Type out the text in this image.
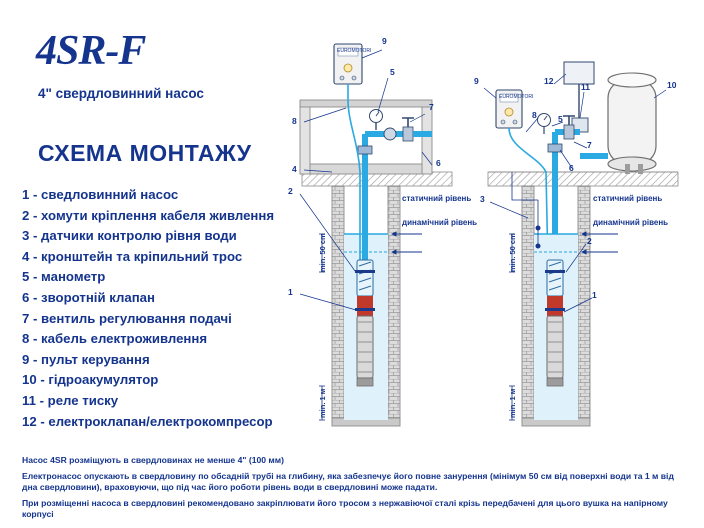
4SR-F
4" свердловинний насос
СХЕМА МОНТАЖУ
1 - сведловинний насос
2 - хомути кріплення кабеля живлення
3 - датчики контролю рівня води
4 - кронштейн та кріпильний трос
5 - манометр
6 - зворотній клапан
7 - вентиль регулювання подачі
8 - кабель електроживлення
9 - пульт керування
10 - гідроакумулятор
11 - реле тиску
12 - електроклапан/електрокомпресор
Насос 4SR розміщують в свердловинах не менше 4" (100 мм)
Електронасос опускають в свердловину по обсадній трубі на глибину, яка забезпечує його повне занурення (мінімум 50 см від поверхні води та 1 м від дна свердловини), враховуючи, що під час його роботи рівень води в свердловині може падати.
При розміщенні насоса в свердловині рекомендовано закріплювати його тросом з нержавіючої сталі крізь передбачені для цього вушка на напірному корпусі
9
5
7
8
4
6
2
1
статичний рівень
динамічний рівень
min. 50 cm
min. 1 м
EUROMOTORI
9	12
11	10
8	5
7
6
3
2
1
статичний рівень
динамічний рівень
min. 50 cm
min. 1 м
EUROMOTORI
